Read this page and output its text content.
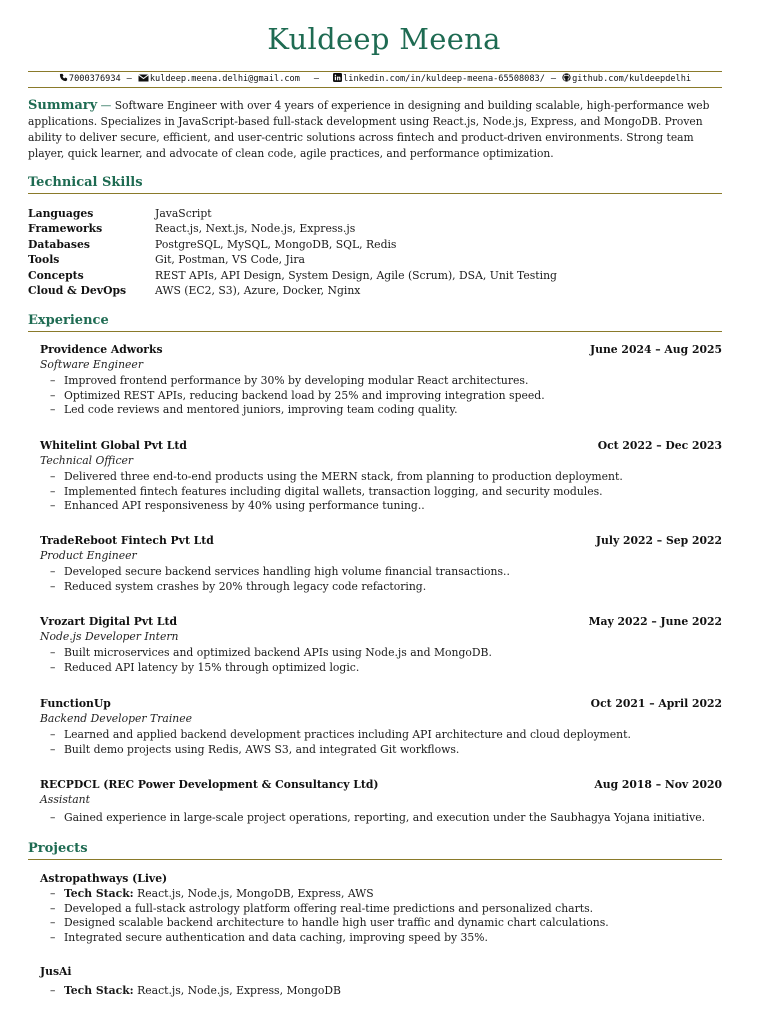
Kuldeep Meena
7000376934 — kuldeep.meena.delhi@gmail.com —	linkedin.com/in/kuldeep-meena-65508083/ — github.com/kuldeepdelhi
Summary — Software Engineer with over 4 years of experience in designing and building scalable, high-performance web applications. Specializes in JavaScript-based full-stack development using React.js, Node.js, Express, and MongoDB. Proven ability to deliver secure, efficient, and user-centric solutions across fintech and product-driven environments. Strong team player, quick learner, and advocate of clean code, agile practices, and performance optimization.
Technical Skills
Languages	JavaScript
Frameworks	React.js, Next.js, Node.js, Express.js
Databases	PostgreSQL, MySQL, MongoDB, SQL, Redis
Tools	Git, Postman, VS Code, Jira
Concepts	REST APIs, API Design, System Design, Agile (Scrum), DSA, Unit Testing
Cloud & DevOps	AWS (EC2, S3), Azure, Docker, Nginx
Experience
Providence Adworks	June 2024 – Aug 2025
Software Engineer
– Improved frontend performance by 30% by developing modular React architectures.
– Optimized REST APIs, reducing backend load by 25% and improving integration speed.
– Led code reviews and mentored juniors, improving team coding quality.
Whitelint Global Pvt Ltd	Oct 2022 – Dec 2023
Technical Officer
– Delivered three end-to-end products using the MERN stack, from planning to production deployment.
– Implemented fintech features including digital wallets, transaction logging, and security modules.
– Enhanced API responsiveness by 40% using performance tuning..
TradeReboot Fintech Pvt Ltd	July 2022 – Sep 2022
Product Engineer
– Developed secure backend services handling high volume financial transactions..
– Reduced system crashes by 20% through legacy code refactoring.
Vrozart Digital Pvt Ltd	May 2022 – June 2022
Node.js Developer Intern
– Built microservices and optimized backend APIs using Node.js and MongoDB.
– Reduced API latency by 15% through optimized logic.
FunctionUp	Oct 2021 – April 2022
Backend Developer Trainee
– Learned and applied backend development practices including API architecture and cloud deployment.
– Built demo projects using Redis, AWS S3, and integrated Git workflows.
RECPDCL (REC Power Development & Consultancy Ltd)	Aug 2018 – Nov 2020
Assistant
– Gained experience in large-scale project operations, reporting, and execution under the Saubhagya Yojana initiative.
Projects
Astropathways (Live)
– Tech Stack: React.js, Node.js, MongoDB, Express, AWS
– Developed a full-stack astrology platform offering real-time predictions and personalized charts.
– Designed scalable backend architecture to handle high user traffic and dynamic chart calculations.
– Integrated secure authentication and data caching, improving speed by 35%.
JusAi
– Tech Stack: React.js, Node.js, Express, MongoDB
